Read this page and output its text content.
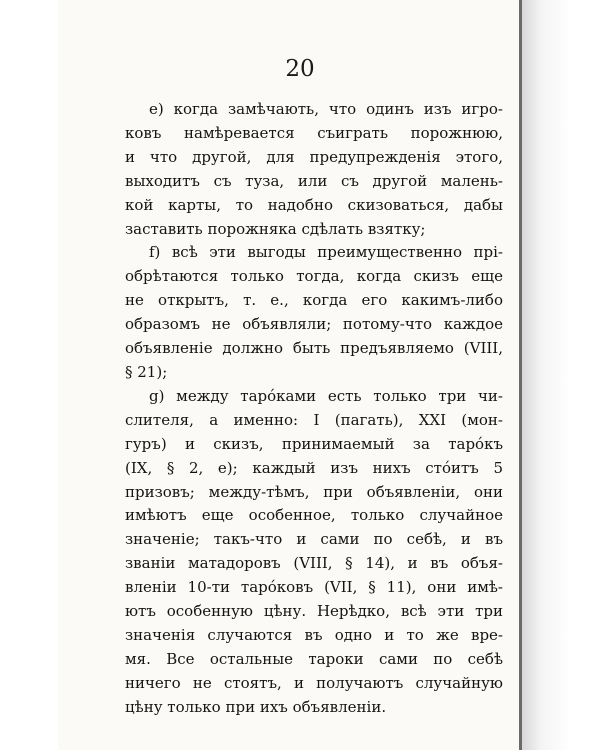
20

e) когда замѣчають, что одинъ изъ игро-
ковъ намѣревается съиграть порожнюю,
и что другой, для предупрежденія этого,
выходитъ съ туза, или съ другой малень-
кой карты, то надобно скизоваться, дабы
заставить порожняка сдѣлать взятку;
f) всѣ эти выгоды преимущественно прі-
обрѣтаются только тогда, когда скизъ еще
не открытъ, т. е., когда его какимъ-либо
образомъ не объявляли; потому-что каждое
объявленіе должно быть предъявляемо (VIII,
§ 21);
g) между тарóками есть только три чи-
слителя, а именно: I (пагать), XXI (мон-
гуръ) и скизъ, принимаемый за тарóкъ
(IX, § 2, е); каждый изъ нихъ стóитъ 5
призовъ; между-тѣмъ, при объявленіи, они
имѣютъ еще особенное, только случайное
значеніе; такъ-что и сами по себѣ, и въ
званіи матадоровъ (VIII, § 14), и въ объя-
вленіи 10-ти тарóковъ (VII, § 11), они имѣ-
ютъ особенную цѣну. Нерѣдко, всѣ эти три
значенія случаются въ одно и то же вре-
мя. Все остальные тароки сами по себѣ
ничего не стоятъ, и получаютъ случайную
цѣну только при ихъ объявленіи.
